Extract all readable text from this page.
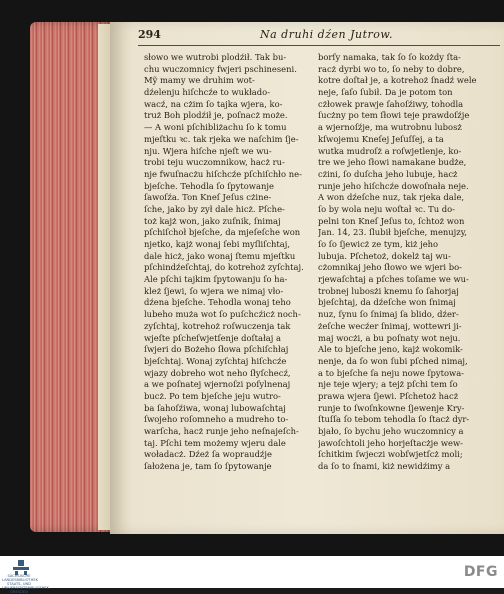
294	Na druhi dźen Jutrow.
słowo we wutrobi plodźił. Tak bu-
chu wuczomnicy fwjeri pschineseni.
Mỹ mamy we druhim wot-
dźelenju hiſchcźe to wukłado-
wacź, na cżim ſo tajka wjera, ko-
truż Boh plodźił je, poſnacż może.
— A woni pſchibliżachu ſo k tomu
mjeſtku ꝛc. tak rjeka we naſchim ſje-
nju. Wjera hiſche njeſt we wu-
trobi teju wuczomnikow, hacż ru-
nje fwuſnacżu hiſchcźe pſchiſchło ne-
bjeſche. Tehodla ſo ſpytowanje
ſawoſźa. Ton Kneſ Jeſus cżine-
ſche, jako by zył dale hicż. Pſche-
toż kajż won, jako zuſnik, ſnimaj
pſchiſchoł bjeſche, da mjeſeſche won
njetko, kajż wonaj ſebi myſliſchtaj,
dale hicż, jako wonaj ſtemu mjeſtku
pſchindźeſchtaj, do kotrehoż zyſchtaj.
Ale pſchi tajkim ſpytowanju ſo ha-
kleż ſjewi, ſo wjera we nimaj vło-
dźena bjeſche. Tehodla wonaj teho
lubeho muża wot ſo puſchcźicż noch-
zyſchtaj, kotrehoż roſwuczenja tak
wjeſte pſcheſwjetſenje doſtałaj a
ſwjeri do Bożeho ſłowa pſchiſchłaj
bjeſchtaj. Wonaj zyſchtaj hiſchcźe
wjazy dobreho wot neho ſłyſchecź,
a we poſnatej wjernoſzi poſylnenaj
bucż. Po tem bjeſche jeju wutro-
ba ſahoſźiwa, wonaj lubowaſchtaj
ſwojeho roſomneho a mudreho to-
warſcha, hacż runje jeho neſnajeſch-
taj. Pſchi tem możemy wjeru dale
woładacż. Dźeż ſa wopraudźje
ſałożena je, tam ſo ſpytowanje
borſy namaka, tak ſo ſo kożdy ſta-
racż dyrbi wo to, ſo neby to dobre,
kotre doſtał je, a kotrehoż ſnadź wele
neje, ſaſo ſubił. Da je potom ton
cżłowek prawje ſahoſźiwy, tohodla
ſucżny po tem ſłowi teje prawdoſźje
a wjernoſźje, ma wutrobnu lubosż
kſwojemu Kneſej Jeſuſſej, a ta
wutka mudroſż a roſwjetlenje, ko-
tre we jeho ſłowi namakane budże,
cżini, ſo duſcha jeho lubuje, hacż
runje jeho hiſchcźe dowoſnała neje.
A won dźeſche nuz, tak rjeka dale,
ſo by wola neju woſtał ꝛc. Tu do-
pelni ton Kneſ Jeſus to, ſchtoż won
Jan. 14, 23. ſlubił bjeſche, menujzy,
ſo ſo ſjewicż ze tym, kiż jeho
lubuja. Pſchetoż, dokelż taj wu-
cżomnikaj jeho ſłowo we wjeri bo-
rjewaſchtaj a pſches toſame we wu-
trobnej lubosżi knemu ſo ſahorjaj
bjeſchtaj, da dźeſche won ſnimaj
nuz, ſynu ſo ſnimaj ſa blido, dźer-
żeſche wecźer ſnimaj, wottewri ji-
maj wocżi, a bu poſnaty wot neju.
Ale to bjeſche jeno, kajż wokomik-
nenje, da ſo won ſubi pſched nimaj,
a to bjeſche ſa neju nowe ſpytowa-
nje teje wjery; a tejż pſchi tem ſo
prawa wjera ſjewi. Pſchetoż hacż
runje to ſwoſnkowne ſjewenje Kry-
ſtuſſa ſo tebom tehodla ſo ſtacż dyr-
bjało, ſo bychu jeho wuczomnicy a
jawoſchtoli jeho horjeſtacżje wew-
ſchitkim ſwjeczi wobſwjetſcż moli;
da ſo to ſnami, kiż newidźimy a
SÄCHSISCHE LANDESBIBLIOTHEK STAATS- UND UNIVERSITÄTSBIBLIOTHEK DRESDEN
DFG
